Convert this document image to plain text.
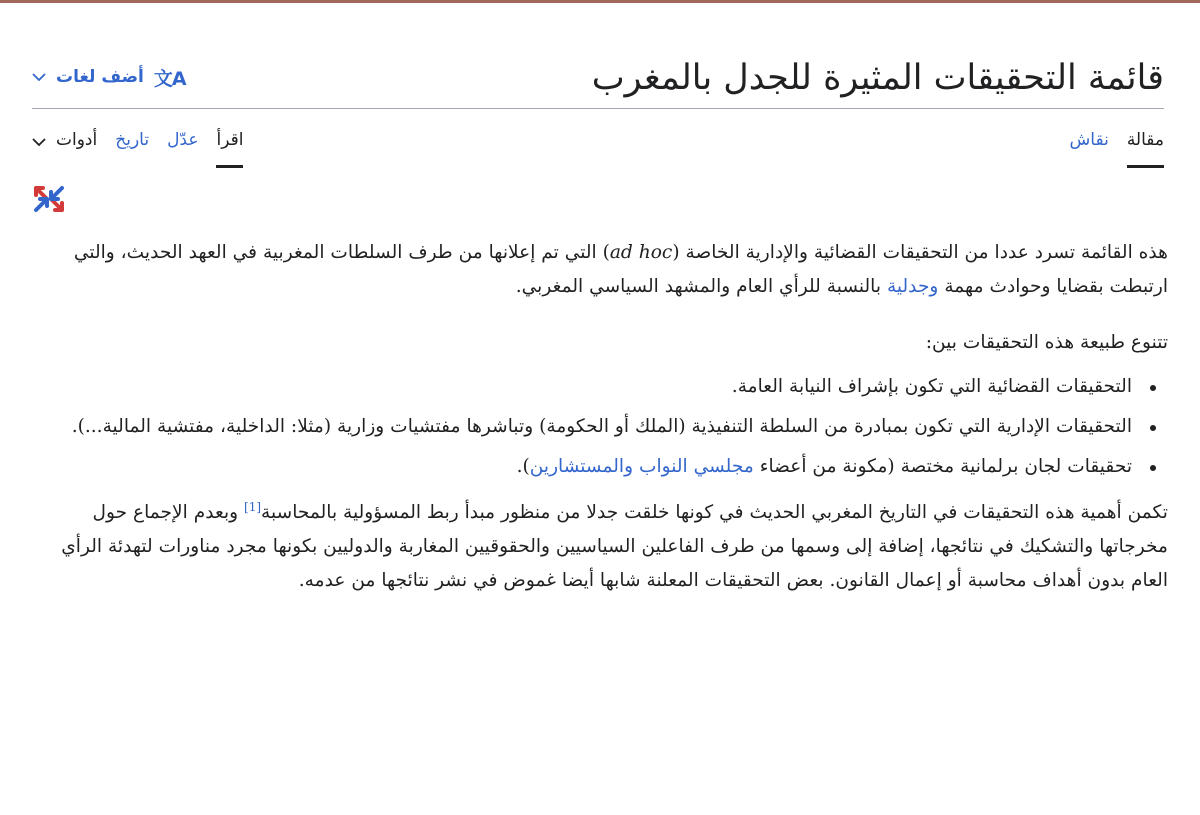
قائمة التحقيقات المثيرة للجدل بالمغرب
أضف لغات 文A
مقالة
نقاش
اقرأ
عدّل
تاريخ
أدوات

هذه القائمة تسرد عددا من التحقيقات القضائية والإدارية الخاصة (ad hoc) التي تم إعلانها من طرف السلطات المغربية في العهد الحديث، والتي ارتبطت بقضايا وحوادث مهمة وجدلية بالنسبة للرأي العام والمشهد السياسي المغربي.

تتنوع طبيعة هذه التحقيقات بين:

التحقيقات القضائية التي تكون بإشراف النيابة العامة.
التحقيقات الإدارية التي تكون بمبادرة من السلطة التنفيذية (الملك أو الحكومة) وتباشرها مفتشيات وزارية (مثلا: الداخلية، مفتشية المالية...).
تحقيقات لجان برلمانية مختصة (مكونة من أعضاء مجلسي النواب والمستشارين).

تكمن أهمية هذه التحقيقات في التاريخ المغربي الحديث في كونها خلقت جدلا من منظور مبدأ ربط المسؤولية بالمحاسبة[1] وبعدم الإجماع حول مخرجاتها والتشكيك في نتائجها، إضافة إلى وسمها من طرف الفاعلين السياسيين والحقوقيين المغاربة والدوليين بكونها مجرد مناورات لتهدئة الرأي العام بدون أهداف محاسبة أو إعمال القانون. بعض التحقيقات المعلنة شابها أيضا غموض في نشر نتائجها من عدمه.
